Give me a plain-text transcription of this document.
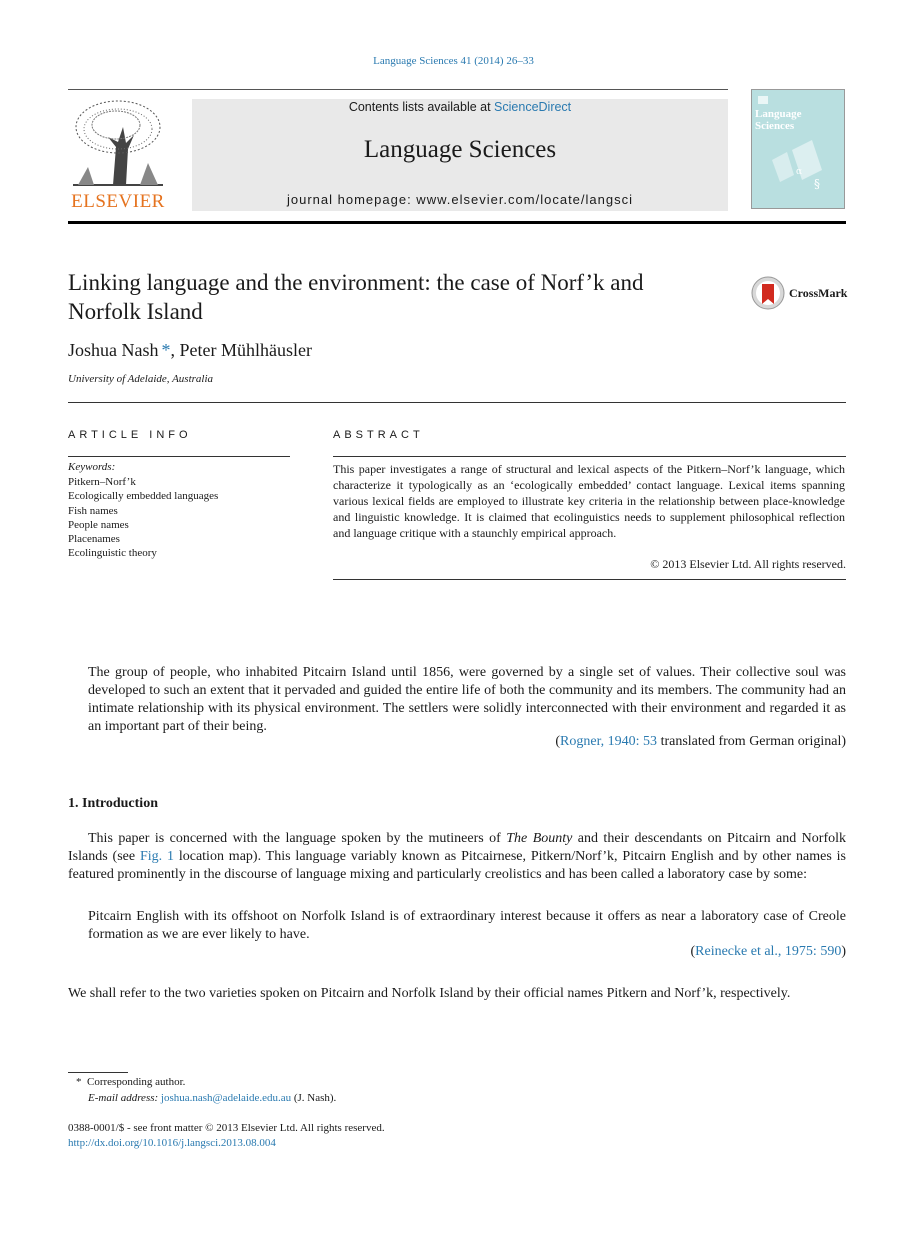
Language Sciences 41 (2014) 26–33
ELSEVIER
Contents lists available at ScienceDirect
Language Sciences
journal homepage: www.elsevier.com/locate/langsci
§
α
Language Sciences
Linking language and the environment: the case of Norf’k and
Norfolk Island
CrossMark
Joshua Nash *, Peter Mühlhäusler
University of Adelaide, Australia
ARTICLE INFO
Keywords:
Pitkern–Norf’k
Ecologically embedded languages
Fish names
People names
Placenames
Ecolinguistic theory
ABSTRACT
This paper investigates a range of structural and lexical aspects of the Pitkern–Norf’k language, which characterize it typologically as an ‘ecologically embedded’ contact language. Lexical items spanning various lexical fields are employed to illustrate key criteria in the relationship between place-knowledge and linguistic knowledge. It is claimed that ecolinguistics needs to supplement philosophical reflection and language critique with a staunchly empirical approach.
© 2013 Elsevier Ltd. All rights reserved.
The group of people, who inhabited Pitcairn Island until 1856, were governed by a single set of values. Their collective soul was developed to such an extent that it pervaded and guided the entire life of both the community and its members. The community had an intimate relationship with its physical environment. The settlers were solidly interconnected with their environment and regarded it as an important part of their being.
(Rogner, 1940: 53 translated from German original)
1. Introduction
This paper is concerned with the language spoken by the mutineers of The Bounty and their descendants on Pitcairn and Norfolk Islands (see Fig. 1 location map). This language variably known as Pitcairnese, Pitkern/Norf’k, Pitcairn English and by other names is featured prominently in the discourse of language mixing and particularly creolistics and has been called a laboratory case by some:
Pitcairn English with its offshoot on Norfolk Island is of extraordinary interest because it offers as near a laboratory case of Creole formation as we are ever likely to have.
(Reinecke et al., 1975: 590)
We shall refer to the two varieties spoken on Pitcairn and Norfolk Island by their official names Pitkern and Norf’k, respectively.
* Corresponding author.
E-mail address: joshua.nash@adelaide.edu.au (J. Nash).
0388-0001/$ - see front matter © 2013 Elsevier Ltd. All rights reserved.
http://dx.doi.org/10.1016/j.langsci.2013.08.004
